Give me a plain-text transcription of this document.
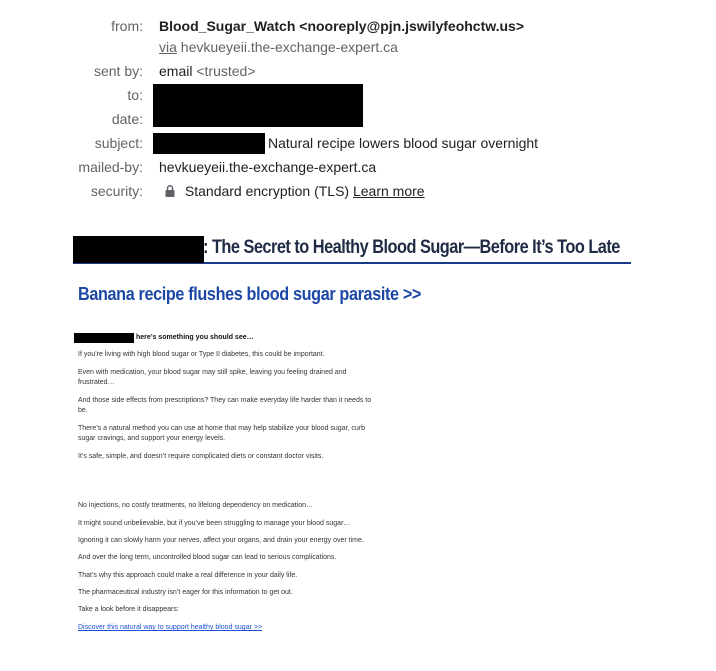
from: Blood_Sugar_Watch <nooreply@pjn.jswilyfeohctw.us>
via hevkueyeii.the-exchange-expert.ca
sent by: email <trusted>
to:
date:
subject:	Natural recipe lowers blood sugar overnight
mailed-by: hevkueyeii.the-exchange-expert.ca
security:	Standard encryption (TLS) Learn more
: The Secret to Healthy Blood Sugar—Before It’s Too Late
Banana recipe flushes blood sugar parasite >>
here’s something you should see…

If you’re living with high blood sugar or Type II diabetes, this could be important.

Even with medication, your blood sugar may still spike, leaving you feeling drained and frustrated…

And those side effects from prescriptions? They can make everyday life harder than it needs to be.

There’s a natural method you can use at home that may help stabilize your blood sugar, curb sugar cravings, and support your energy levels.

It’s safe, simple, and doesn’t require complicated diets or constant doctor visits.

No injections, no costly treatments, no lifelong dependency on medication…

It might sound unbelievable, but if you’ve been struggling to manage your blood sugar…

Ignoring it can slowly harm your nerves, affect your organs, and drain your energy over time.

And over the long term, uncontrolled blood sugar can lead to serious complications.

That’s why this approach could make a real difference in your daily life.

The pharmaceutical industry isn’t eager for this information to get out.

Take a look before it disappears:

Discover this natural way to support healthy blood sugar >>
